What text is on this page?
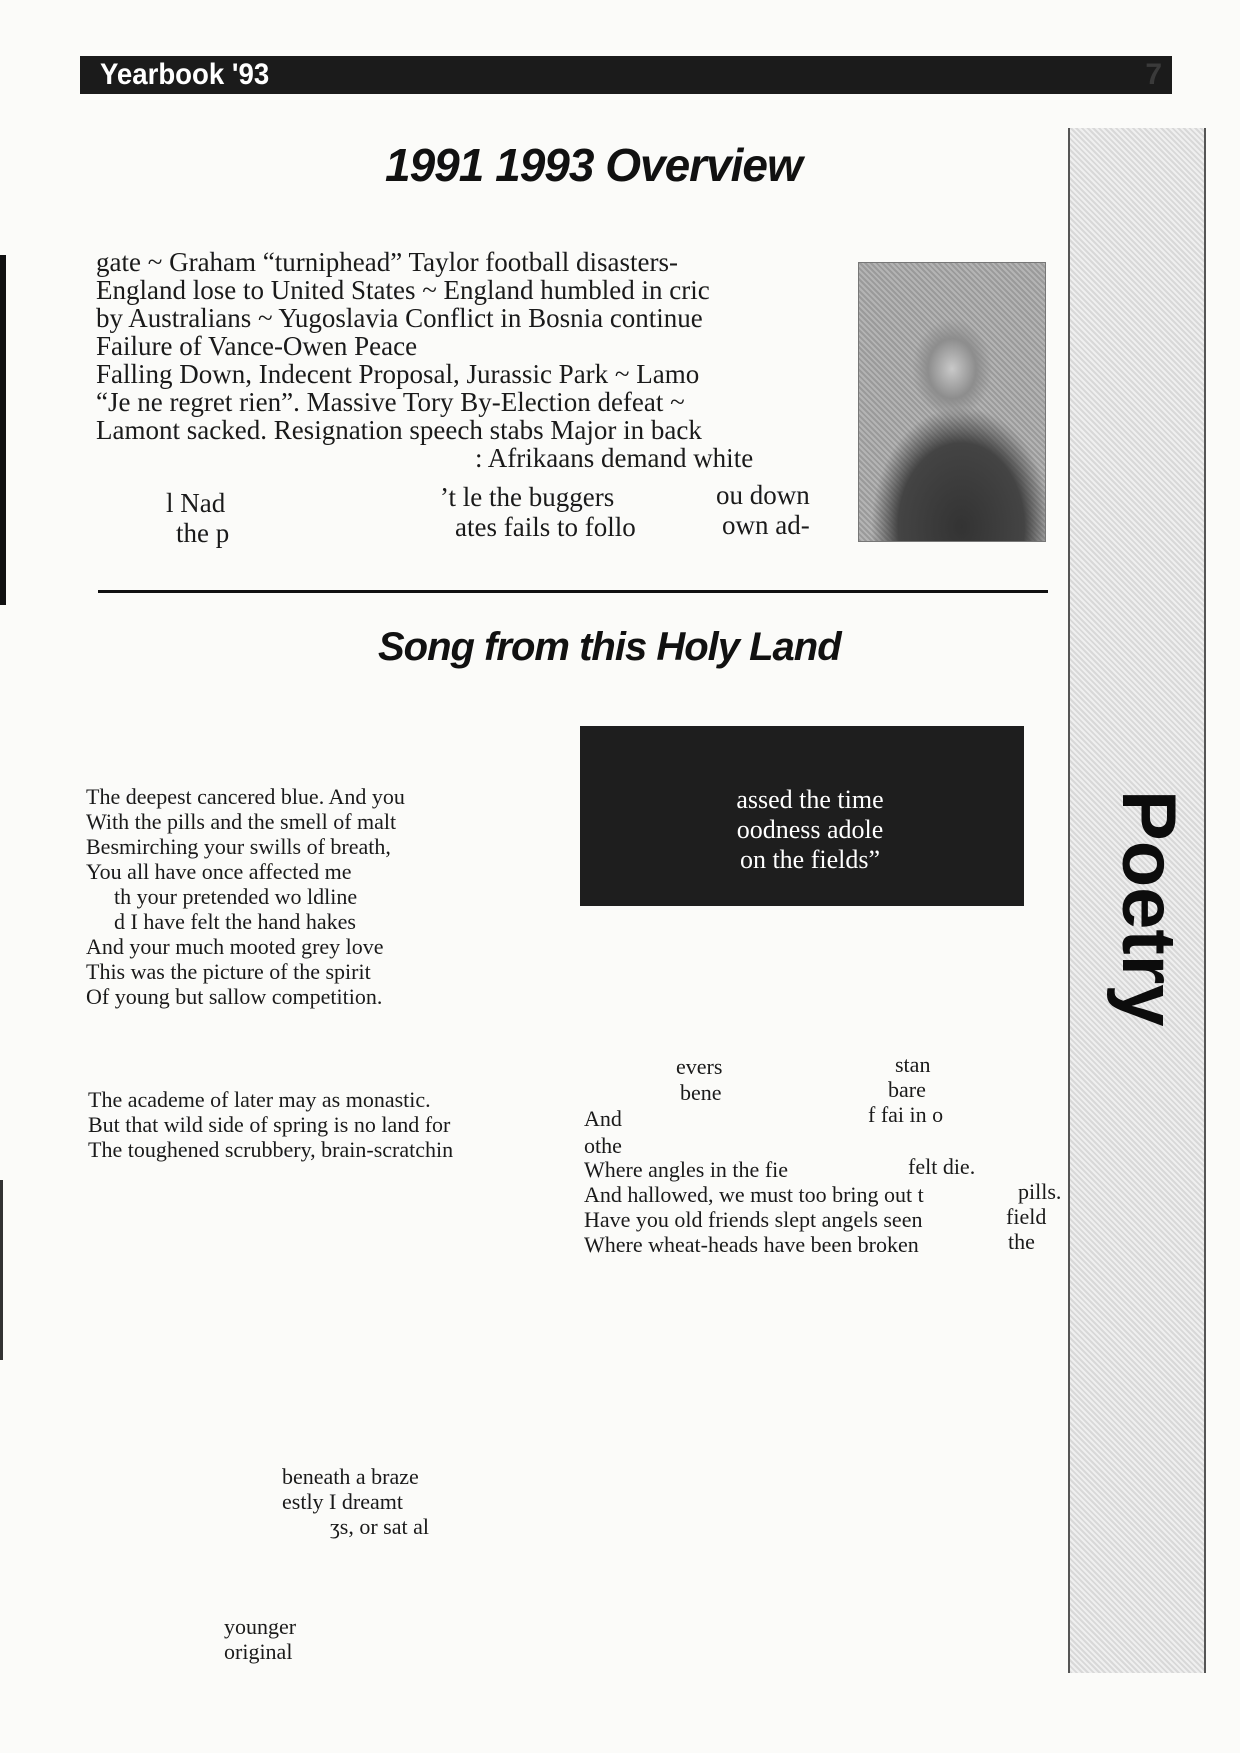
Yearbook '93	7
1991 1993 Overview
gate ~ Graham “turniphead” Taylor football disasters-
England lose to United States ~ England humbled in cric
by Australians ~ Yugoslavia Conflict in Bosnia continue
Failure of Vance-Owen Peace
Falling Down, Indecent Proposal, Jurassic Park ~ Lamo
“Je ne regret rien”. Massive Tory By-Election defeat ~
Lamont sacked. Resignation speech stabs Major in back
: Afrikaans demand white
l Nad	’t le the buggers	ou down
the p	ates fails to follo	own ad-
Song from this Holy Land
The deepest cancered blue. And you
With the pills and the smell of malt
Besmirching your swills of breath,
You all have once affected me
th your pretended wo ldline
d I have felt the hand hakes
And your much mooted grey love
This was the picture of the spirit
Of young but sallow competition.
The academe of later may as monastic.
But that wild side of spring is no land for
The toughened scrubbery, brain-scratchin
evers	stan
bene	bare
And	f fai in o
othe
Where angles in the fie
And hallowed, we must too bring out t
Have you old friends slept angels seen
Where wheat-heads have been broken
felt die.
pills.
field
the
beneath a braze
estly I dreamt
ʒs, or sat al
younger
original
assed the time
oodness adole
on the fields”	Poetry
